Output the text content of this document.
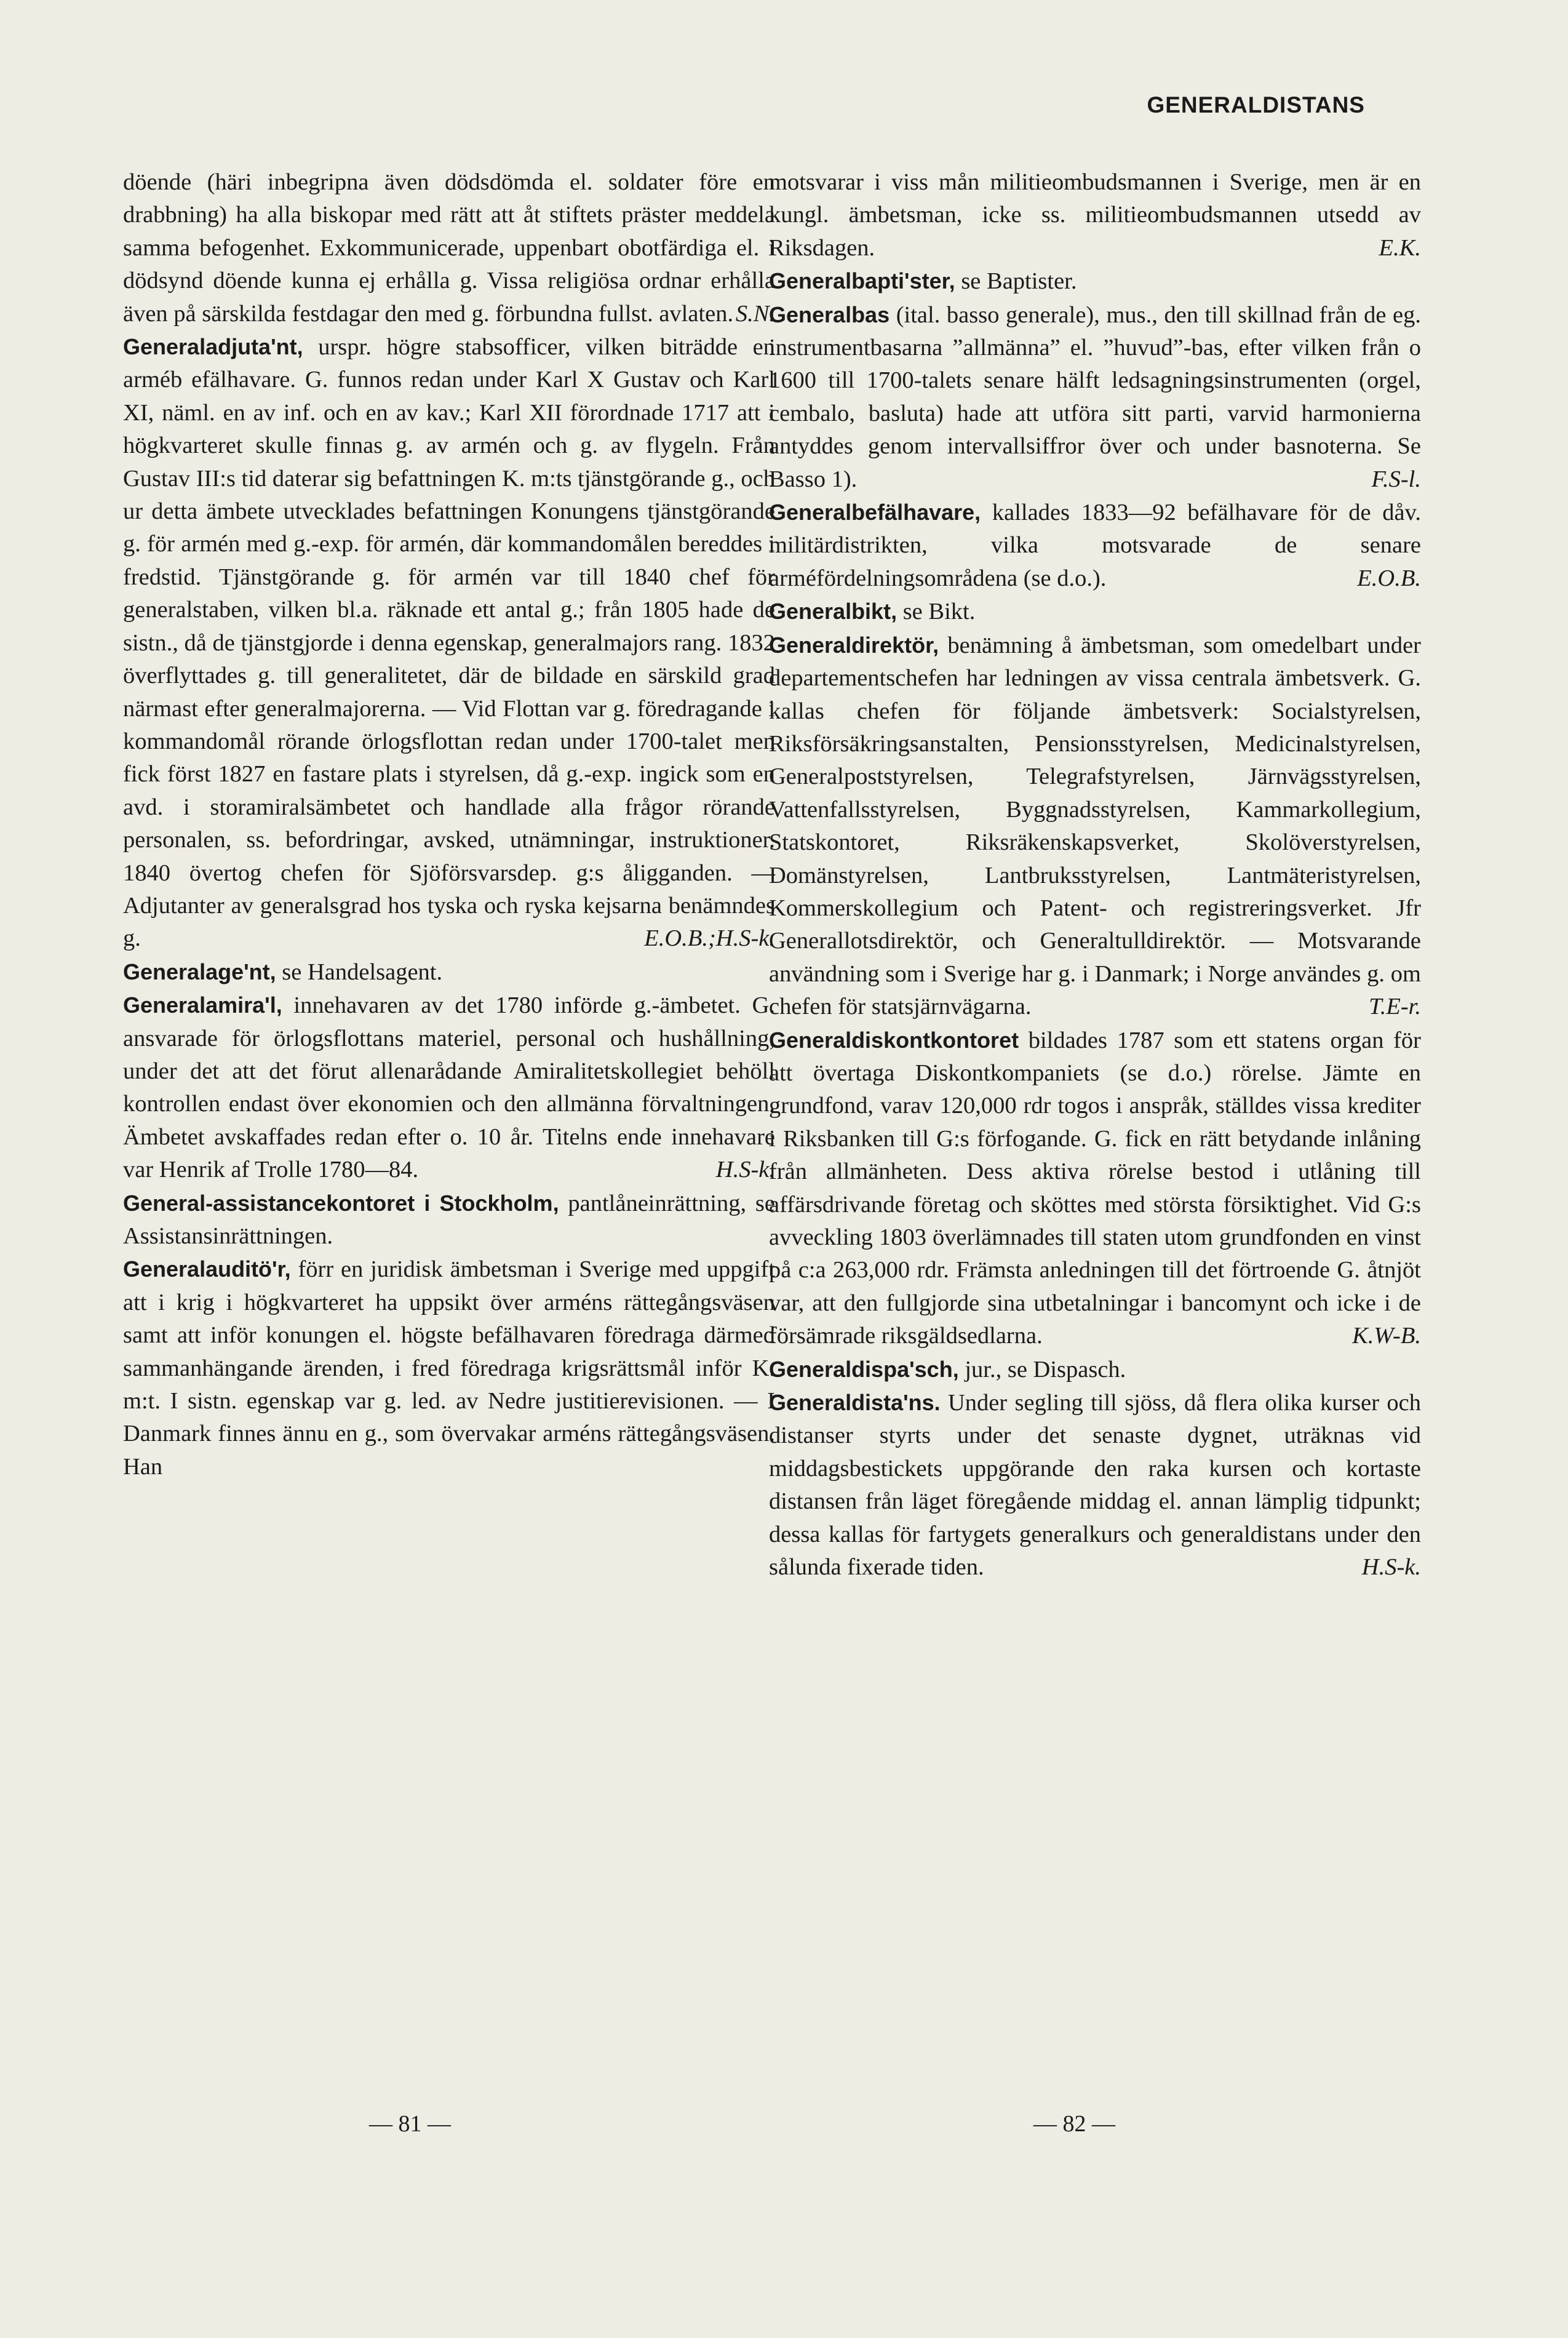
GENERALDISTANS

döende (häri inbegripna även dödsdömda el. soldater före en drabbning) ha alla biskopar med rätt att åt stiftets präster meddela samma befogenhet. Exkommunicerade, uppenbart obotfärdiga el. i dödsynd döende kunna ej erhålla g. Vissa religiösa ordnar erhålla även på särskilda festdagar den med g. förbundna fullst. avlaten. S.N.

Generaladjuta'nt, urspr. högre stabsofficer, vilken biträdde en arméb efälhavare. G. funnos redan under Karl X Gustav och Karl XI, näml. en av inf. och en av kav.; Karl XII förordnade 1717 att i högkvarteret skulle finnas g. av armén och g. av flygeln. Från Gustav III:s tid daterar sig befattningen K. m:ts tjänstgörande g., och ur detta ämbete utvecklades befattningen Konungens tjänstgörande g. för armén med g.-exp. för armén, där kommandomålen bereddes i fredstid. Tjänstgörande g. för armén var till 1840 chef för generalstaben, vilken bl.a. räknade ett antal g.; från 1805 hade de sistn., då de tjänstgjorde i denna egenskap, generalmajors rang. 1832 överflyttades g. till generalitetet, där de bildade en särskild grad närmast efter generalmajorerna. — Vid Flottan var g. föredragande i kommandomål rörande örlogsflottan redan under 1700-talet men fick först 1827 en fastare plats i styrelsen, då g.-exp. ingick som en avd. i storamiralsämbetet och handlade alla frågor rörande personalen, ss. befordringar, avsked, utnämningar, instruktioner. 1840 övertog chefen för Sjöförsvarsdep. g:s åligganden. — Adjutanter av generalsgrad hos tyska och ryska kejsarna benämndes g.	E.O.B.;H.S-k.

Generalage'nt, se Handelsagent.

Generalamira'l, innehavaren av det 1780 införde g.-ämbetet. G. ansvarade för örlogsflottans materiel, personal och hushållning, under det att det förut allenarådande Amiralitetskollegiet behöll kontrollen endast över ekonomien och den allmänna förvaltningen. Ämbetet avskaffades redan efter o. 10 år. Titelns ende innehavare var Henrik af Trolle 1780—84.	H.S-k.

General-assistancekontoret i Stockholm, pantlåneinrättning, se Assistansinrättningen.

Generalauditö'r, förr en juridisk ämbetsman i Sverige med uppgift att i krig i högkvarteret ha uppsikt över arméns rättegångsväsen samt att inför konungen el. högste befälhavaren föredraga därmed sammanhängande ärenden, i fred föredraga krigsrättsmål inför K. m:t. I sistn. egenskap var g. led. av Nedre justitierevisionen. — I Danmark finnes ännu en g., som övervakar arméns rättegångsväsen. Han

motsvarar i viss mån militieombudsmannen i Sverige, men är en kungl. ämbetsman, icke ss. militieombudsmannen utsedd av Riksdagen.	E.K.

Generalbapti'ster, se Baptister.

Generalbas (ital. basso generale), mus., den till skillnad från de eg. instrumentbasarna ”allmänna” el. ”huvud”-bas, efter vilken från o 1600 till 1700-talets senare hälft ledsagningsinstrumenten (orgel, cembalo, basluta) hade att utföra sitt parti, varvid harmonierna antyddes genom intervallsiffror över och under basnoterna. Se Basso 1).	F.S-l.

Generalbefälhavare, kallades 1833—92 befälhavare för de dåv. militärdistrikten, vilka motsvarade de senare arméfördelningsområdena (se d.o.).	E.O.B.

Generalbikt, se Bikt.

Generaldirektör, benämning å ämbetsman, som omedelbart under departementschefen har ledningen av vissa centrala ämbetsverk. G. kallas chefen för följande ämbetsverk: Socialstyrelsen, Riksförsäkringsanstalten, Pensionsstyrelsen, Medicinalstyrelsen, Generalpoststyrelsen, Telegrafstyrelsen, Järnvägsstyrelsen, Vattenfallsstyrelsen, Byggnadsstyrelsen, Kammarkollegium, Statskontoret, Riksräkenskapsverket, Skolöverstyrelsen, Domänstyrelsen, Lantbruksstyrelsen, Lantmäteristyrelsen, Kommerskollegium och Patent- och registreringsverket. Jfr Generallotsdirektör, och Generaltulldirektör. — Motsvarande användning som i Sverige har g. i Danmark; i Norge användes g. om chefen för statsjärnvägarna.	T.E-r.

Generaldiskontkontoret bildades 1787 som ett statens organ för att övertaga Diskontkompaniets (se d.o.) rörelse. Jämte en grundfond, varav 120,000 rdr togos i anspråk, ställdes vissa krediter i Riksbanken till G:s förfogande. G. fick en rätt betydande inlåning från allmänheten. Dess aktiva rörelse bestod i utlåning till affärsdrivande företag och sköttes med största försiktighet. Vid G:s avveckling 1803 överlämnades till staten utom grundfonden en vinst på c:a 263,000 rdr. Främsta anledningen till det förtroende G. åtnjöt var, att den fullgjorde sina utbetalningar i bancomynt och icke i de försämrade riksgäldsedlarna.	K.W-B.

Generaldispa'sch, jur., se Dispasch.

Generaldista'ns. Under segling till sjöss, då flera olika kurser och distanser styrts under det senaste dygnet, uträknas vid middagsbestickets uppgörande den raka kursen och kortaste distansen från läget föregående middag el. annan lämplig tidpunkt; dessa kallas för fartygets generalkurs och generaldistans under den sålunda fixerade tiden.	H.S-k.

— 81 —	— 82 —
